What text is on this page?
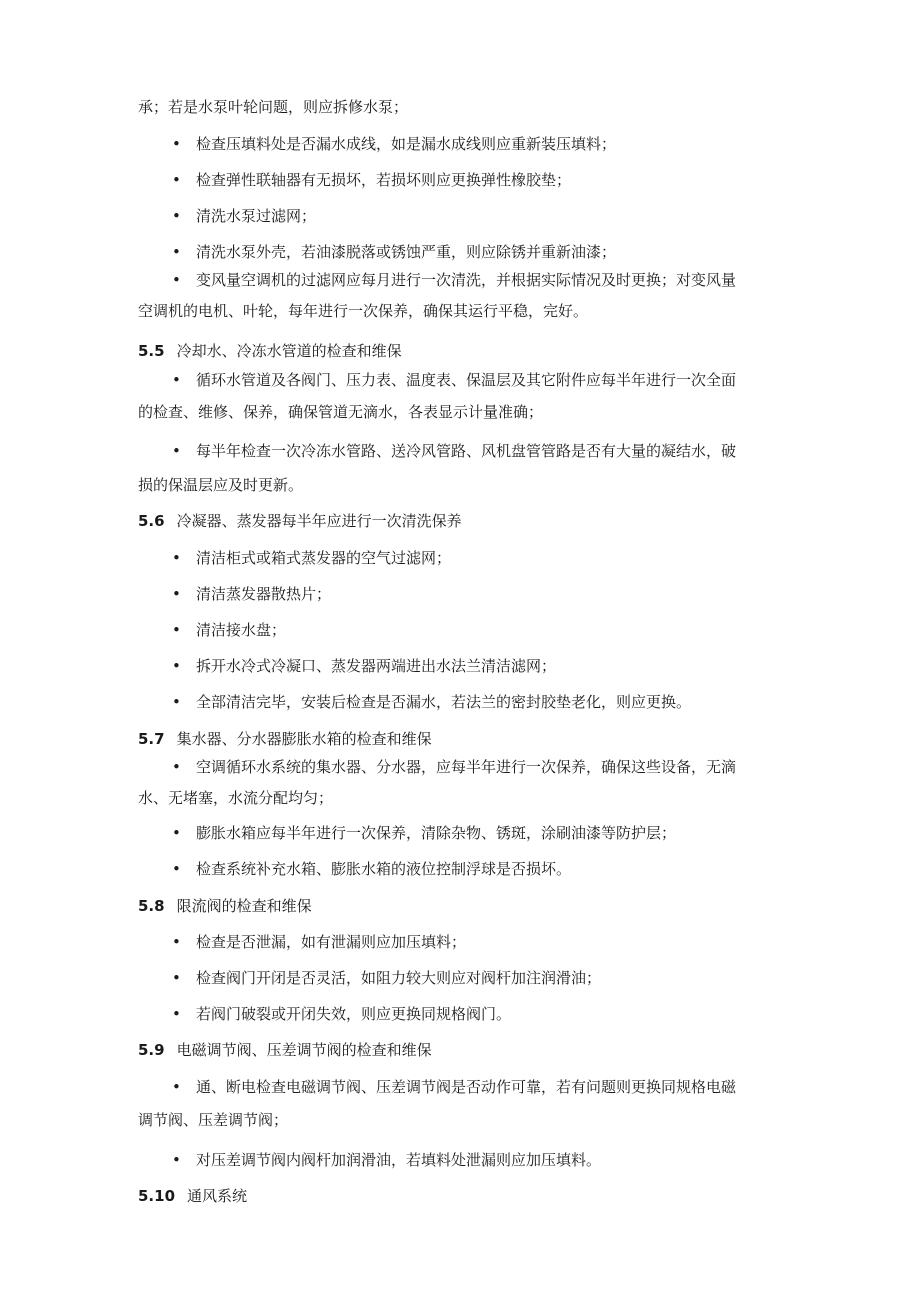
承；若是水泵叶轮问题，则应拆修水泵；
• 检查压填料处是否漏水成线，如是漏水成线则应重新装压填料；
• 检查弹性联轴器有无损坏，若损坏则应更换弹性橡胶垫；
• 清洗水泵过滤网；
• 清洗水泵外壳，若油漆脱落或锈蚀严重，则应除锈并重新油漆；
• 变风量空调机的过滤网应每月进行一次清洗，并根据实际情况及时更换；对变风量
空调机的电机、叶轮，每年进行一次保养，确保其运行平稳，完好。
5.5 冷却水、冷冻水管道的检查和维保
• 循环水管道及各阀门、压力表、温度表、保温层及其它附件应每半年进行一次全面
的检查、维修、保养，确保管道无滴水，各表显示计量准确；
• 每半年检查一次冷冻水管路、送冷风管路、风机盘管管路是否有大量的凝结水，破
损的保温层应及时更新。
5.6 冷凝器、蒸发器每半年应进行一次清洗保养
• 清洁柜式或箱式蒸发器的空气过滤网；
• 清洁蒸发器散热片；
• 清洁接水盘；
• 拆开水冷式冷凝口、蒸发器两端进出水法兰清洁滤网；
• 全部清洁完毕，安装后检查是否漏水，若法兰的密封胶垫老化，则应更换。
5.7 集水器、分水器膨胀水箱的检查和维保
• 空调循环水系统的集水器、分水器，应每半年进行一次保养，确保这些设备，无滴
水、无堵塞，水流分配均匀；
• 膨胀水箱应每半年进行一次保养，清除杂物、锈斑，涂刷油漆等防护层；
• 检查系统补充水箱、膨胀水箱的液位控制浮球是否损坏。
5.8 限流阀的检查和维保
• 检查是否泄漏，如有泄漏则应加压填料；
• 检查阀门开闭是否灵活，如阻力较大则应对阀杆加注润滑油；
• 若阀门破裂或开闭失效，则应更换同规格阀门。
5.9 电磁调节阀、压差调节阀的检查和维保
• 通、断电检查电磁调节阀、压差调节阀是否动作可靠，若有问题则更换同规格电磁
调节阀、压差调节阀；
• 对压差调节阀内阀杆加润滑油，若填料处泄漏则应加压填料。
5.10 通风系统
